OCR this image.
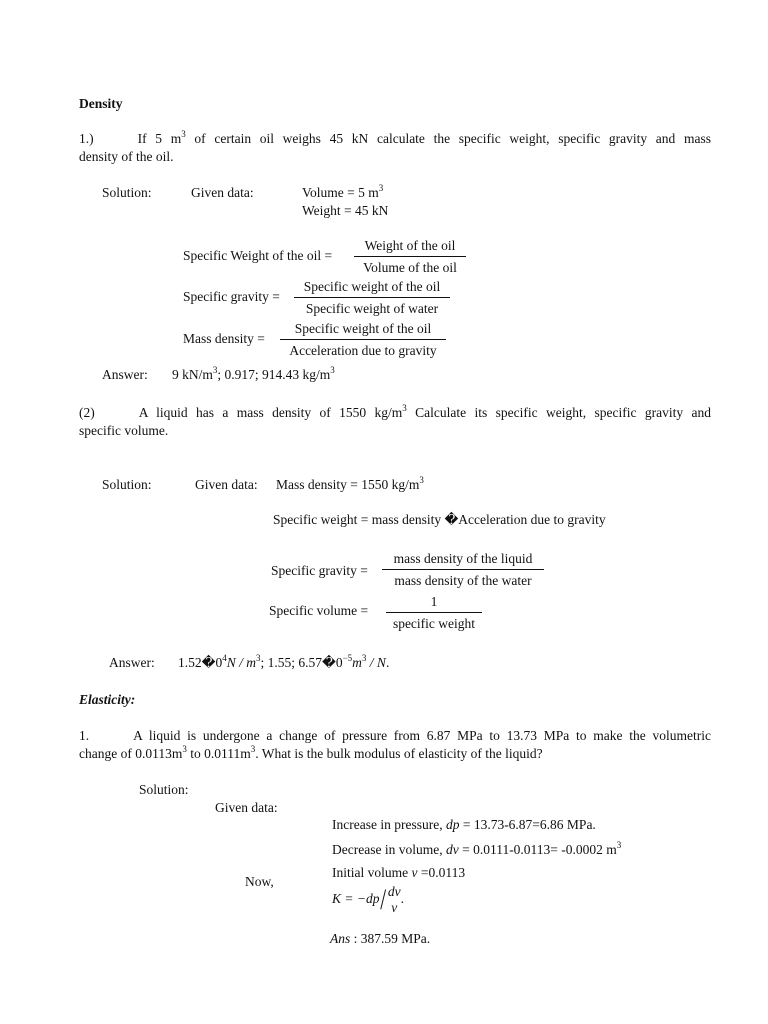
Density
1.)	If 5 $m^3$ of certain oil weighs 45 kN calculate the specific weight, specific gravity and mass
density of the oil.
Solution:	Given data:	Volume = 5 $m^3$
Weight = 45 kN
Specific Weight of the oil =
Weight of the oil
Volume of the oil
Specific gravity =
Specific weight of the oil
Specific weight of water
Mass density =
Specific weight of the oil
Acceleration due to gravity
Answer: 9 $kN/m^3$; 0.917; 914.43 $kg/m^3$
(2)	A liquid has a mass density of 1550 $kg/m^3$ Calculate its specific weight, specific gravity and
specific volume.
Solution:	Given data: Mass density = 1550 $kg/m^3$
Specific weight = mass density �Acceleration due to gravity
Specific gravity =
mass density of the liquid
mass density of the water
Specific volume =
1
specific weight
Answer: $1.52�0^4N / m^3$; 1.55; $6.57�0^{-5}m^3$ / N.
Elasticity:
1.	A liquid is undergone a change of pressure from 6.87 MPa to 13.73 MPa to make the volumetric
change of $0.0113m^3$ to $0.0111m^3$. What is the bulk modulus of elasticity of the liquid?
Solution:
Given data:
Increase in pressure, dp = 13.73-6.87=6.86 MPa.
Decrease in volume, dv = 0.0111-0.0113= -0.0002 $m^3$
Initial volume v =0.0113
Now,
K = −dp/ dv
v
.
Ans : 387.59 MPa.
